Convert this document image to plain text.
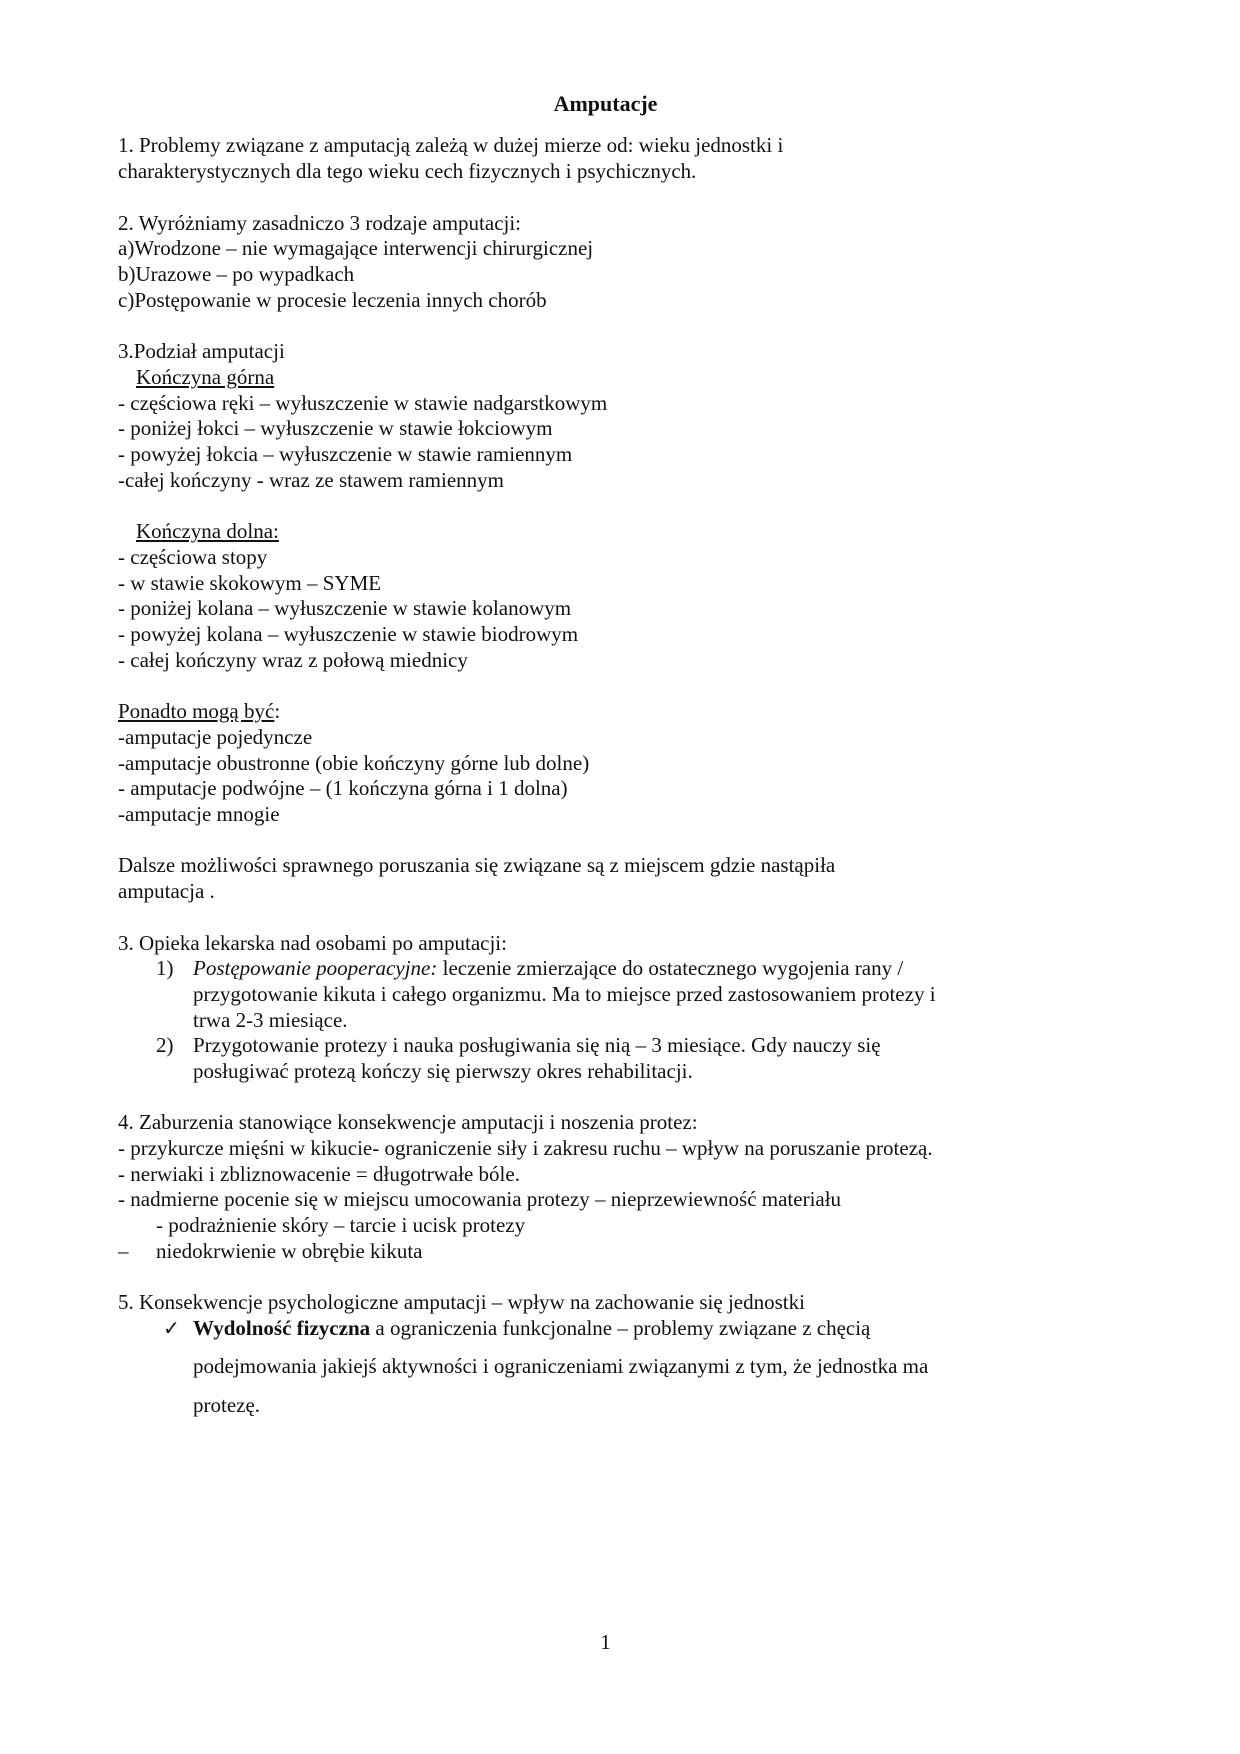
Amputacje
1. Problemy związane z amputacją zależą w dużej mierze od: wieku jednostki i
charakterystycznych dla tego wieku cech fizycznych i psychicznych.
2. Wyróżniamy zasadniczo 3 rodzaje amputacji:
a)Wrodzone – nie wymagające interwencji chirurgicznej
b)Urazowe – po wypadkach
c)Postępowanie w procesie leczenia innych chorób
3.Podział amputacji
Kończyna górna
- częściowa ręki – wyłuszczenie w stawie nadgarstkowym
- poniżej łokci – wyłuszczenie w stawie łokciowym
- powyżej łokcia – wyłuszczenie w stawie ramiennym
-całej kończyny - wraz ze stawem ramiennym
Kończyna dolna:
- częściowa stopy
- w stawie skokowym – SYME
- poniżej kolana – wyłuszczenie w stawie kolanowym
- powyżej kolana – wyłuszczenie w stawie biodrowym
- całej kończyny wraz z połową miednicy
Ponadto mogą być:
-amputacje pojedyncze
-amputacje obustronne (obie kończyny górne lub dolne)
- amputacje podwójne – (1 kończyna górna i 1 dolna)
-amputacje mnogie
Dalsze możliwości sprawnego poruszania się związane są z miejscem gdzie nastąpiła
amputacja .
3. Opieka lekarska nad osobami po amputacji:
1) Postępowanie pooperacyjne: leczenie zmierzające do ostatecznego wygojenia rany /
przygotowanie kikuta i całego organizmu. Ma to miejsce przed zastosowaniem protezy i
trwa 2-3 miesiące.
2) Przygotowanie protezy i nauka posługiwania się nią – 3 miesiące. Gdy nauczy się
posługiwać protezą kończy się pierwszy okres rehabilitacji.
4. Zaburzenia stanowiące konsekwencje amputacji i noszenia protez:
- przykurcze mięśni w kikucie- ograniczenie siły i zakresu ruchu – wpływ na poruszanie protezą.
- nerwiaki i zbliznowacenie = długotrwałe bóle.
- nadmierne pocenie się w miejscu umocowania protezy – nieprzewiewność materiału
- podrażnienie skóry – tarcie i ucisk protezy
– niedokrwienie w obrębie kikuta
5. Konsekwencje psychologiczne amputacji – wpływ na zachowanie się jednostki
✓ Wydolność fizyczna a ograniczenia funkcjonalne – problemy związane z chęcią
podejmowania jakiejś aktywności i ograniczeniami związanymi z tym, że jednostka ma
protezę.
1
